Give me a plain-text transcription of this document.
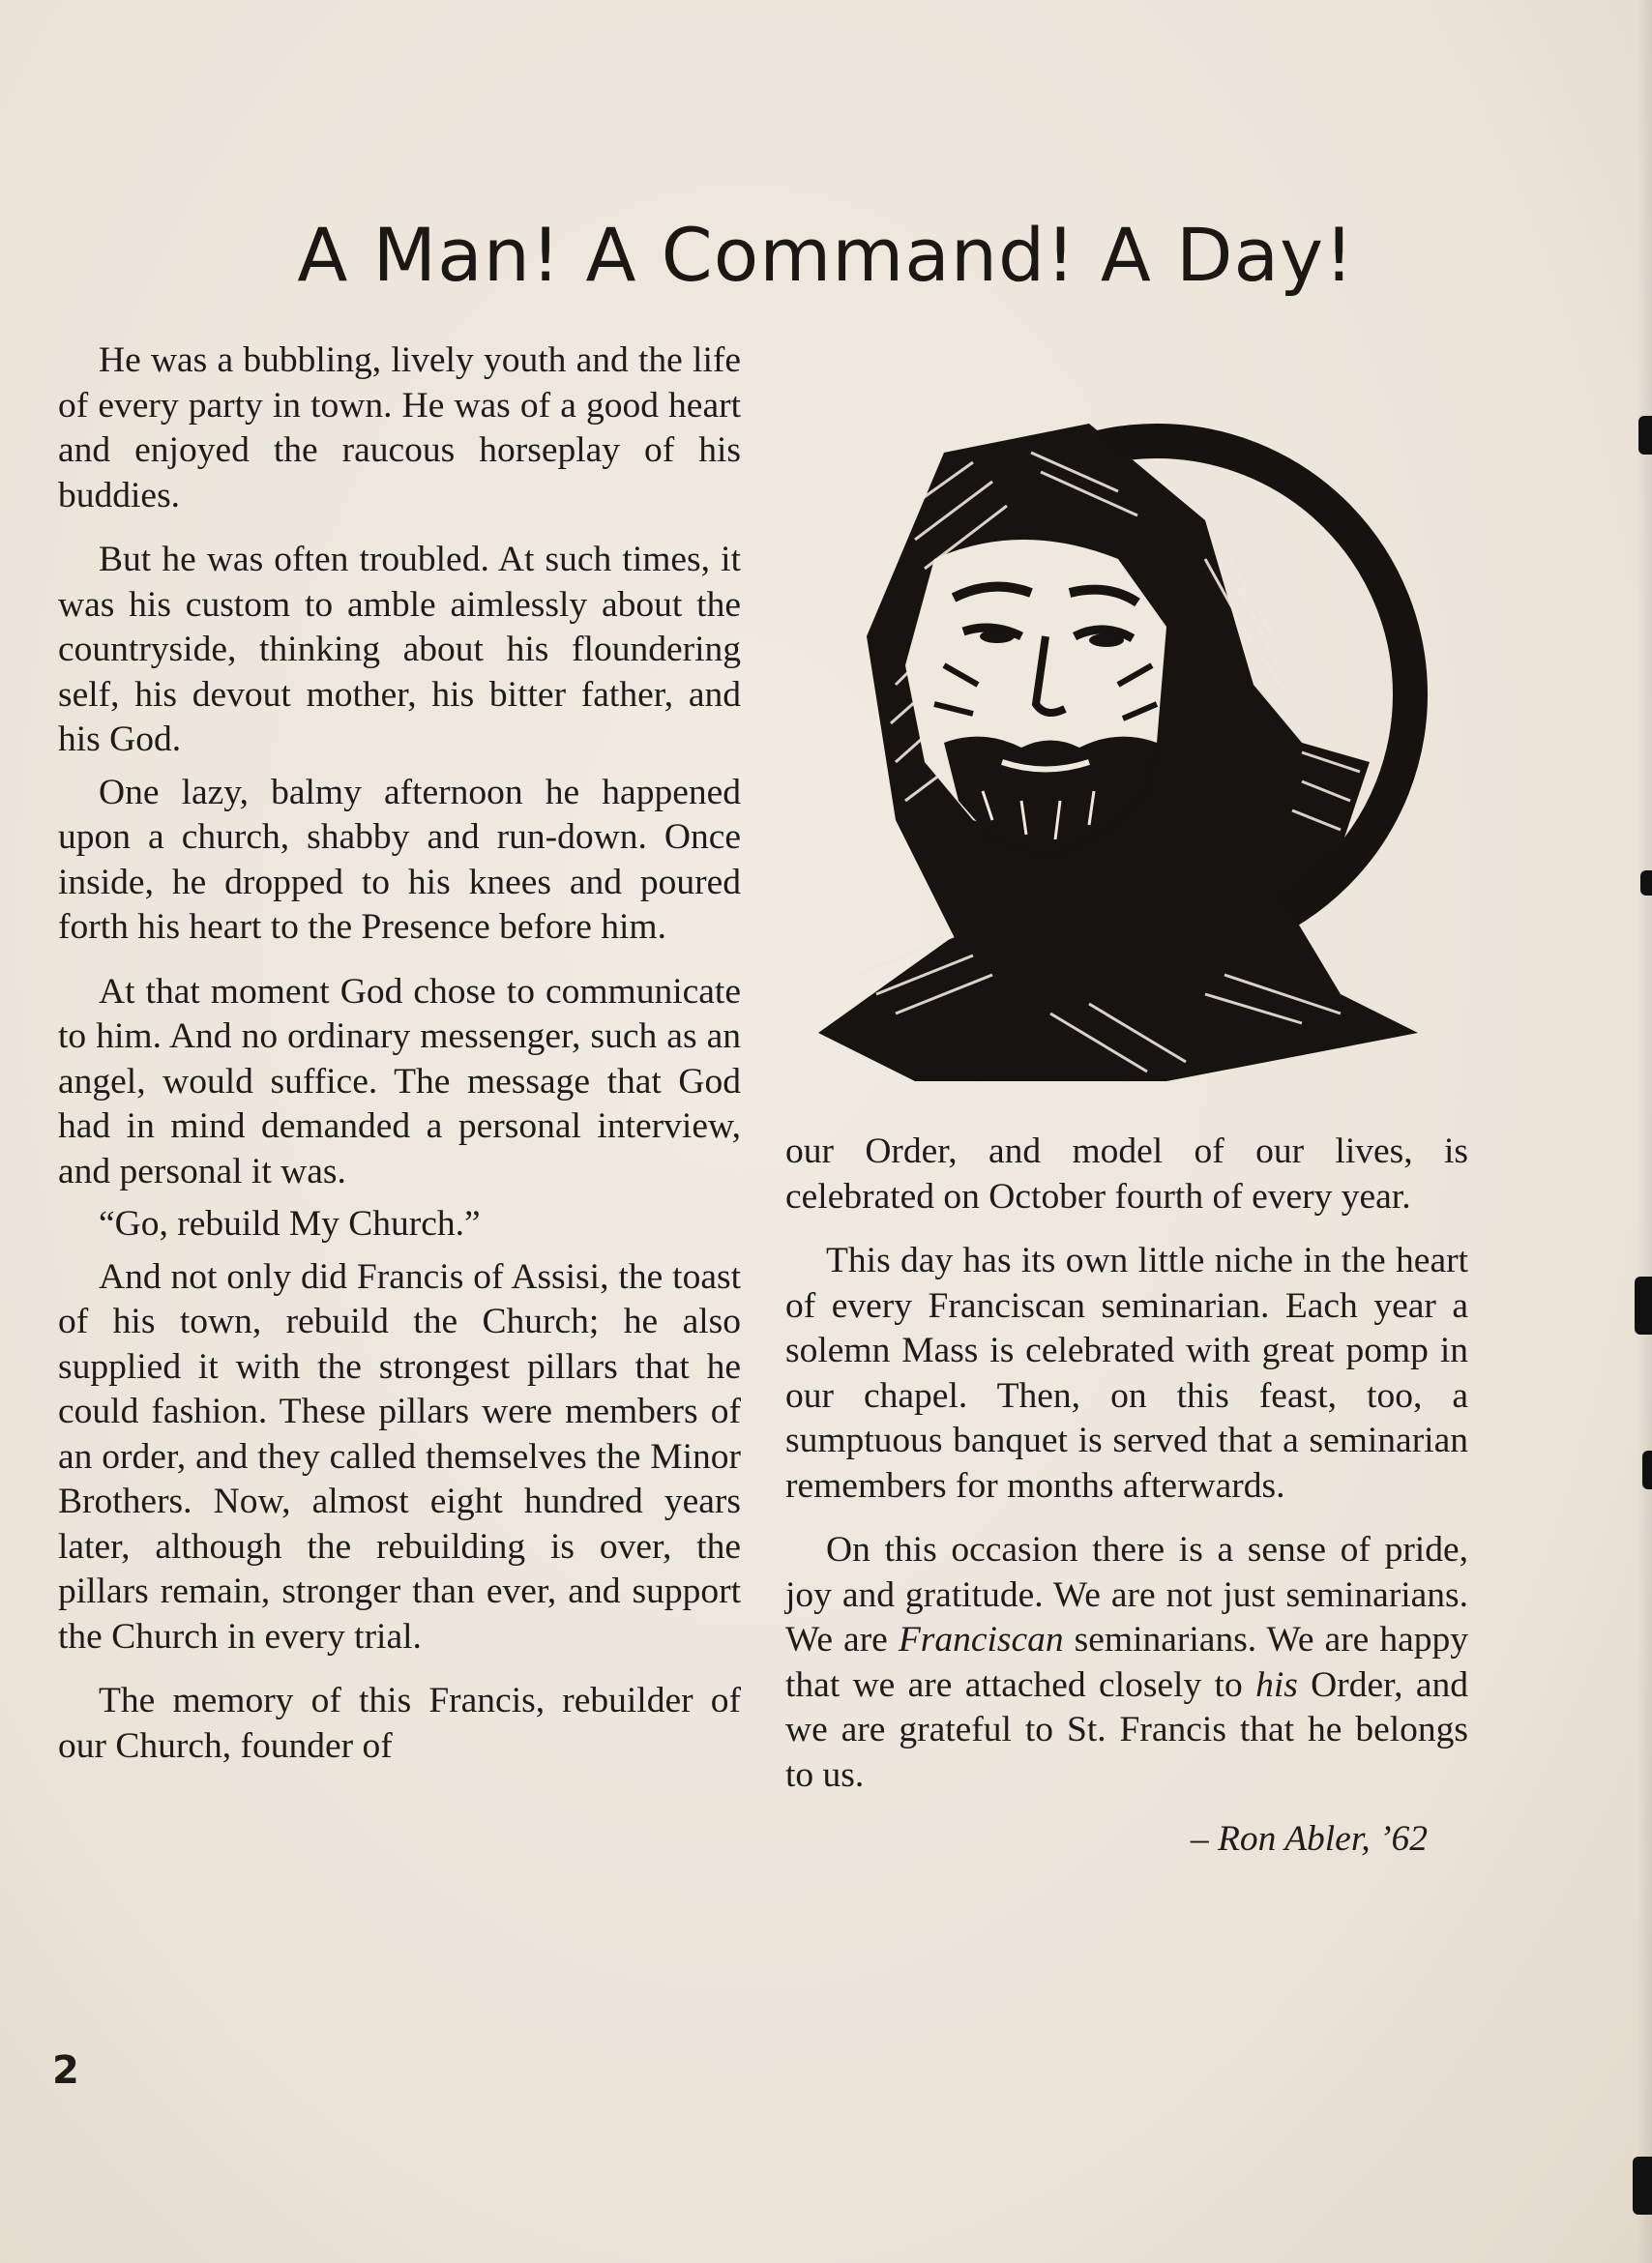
A Man! A Command! A Day!

He was a bubbling, lively youth and the life of every party in town. He was of a good heart and enjoyed the raucous horseplay of his buddies.

But he was often troubled. At such times, it was his custom to amble aimlessly about the countryside, thinking about his floundering self, his devout mother, his bitter father, and his God.

One lazy, balmy afternoon he happened upon a church, shabby and run-down. Once inside, he dropped to his knees and poured forth his heart to the Presence before him.

At that moment God chose to communicate to him. And no ordinary messenger, such as an angel, would suffice. The message that God had in mind demanded a personal interview, and personal it was.

“Go, rebuild My Church.”

And not only did Francis of Assisi, the toast of his town, rebuild the Church; he also supplied it with the strongest pillars that he could fashion. These pillars were members of an order, and they called themselves the Minor Brothers. Now, almost eight hundred years later, although the rebuilding is over, the pillars remain, stronger than ever, and support the Church in every trial.

The memory of this Francis, rebuilder of our Church, founder of

our Order, and model of our lives, is celebrated on October fourth of every year.

This day has its own little niche in the heart of every Franciscan seminarian. Each year a solemn Mass is celebrated with great pomp in our chapel. Then, on this feast, too, a sumptuous banquet is served that a seminarian remembers for months afterwards.

On this occasion there is a sense of pride, joy and gratitude. We are not just seminarians. We are Franciscan seminarians. We are happy that we are attached closely to his Order, and we are grateful to St. Francis that he belongs to us.

– Ron Abler, ’62

2
